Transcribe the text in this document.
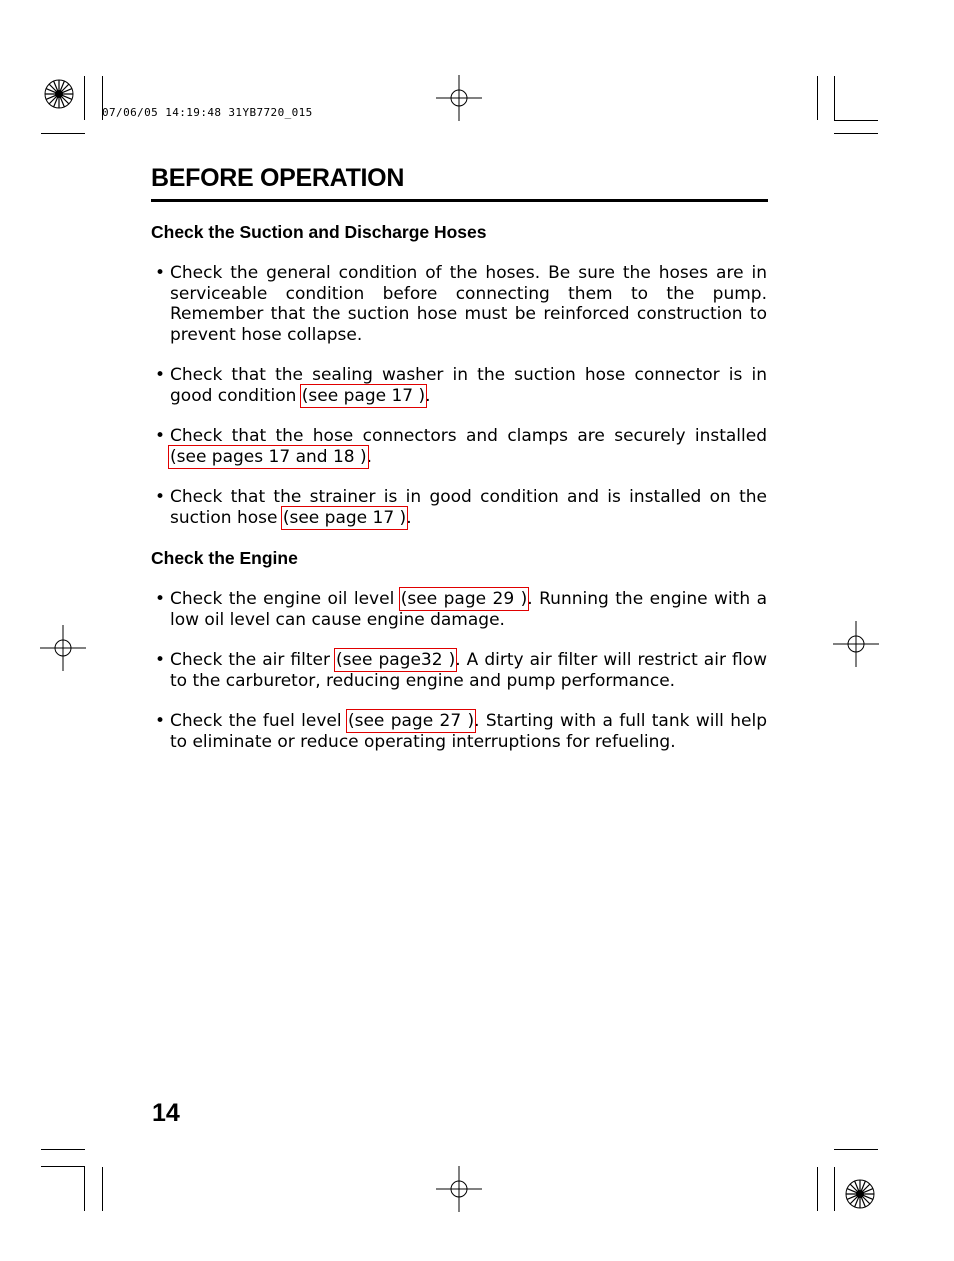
07/06/05 14:19:48 31YB7720_015
BEFORE OPERATION
Check the Suction and Discharge Hoses
• Check the general condition of the hoses. Be sure the hoses are in serviceable condition before connecting them to the pump. Remember that the suction hose must be reinforced construction to prevent hose collapse.
• Check that the sealing washer in the suction hose connector is in good condition (see page 17 ).
• Check that the hose connectors and clamps are securely installed (see pages 17 and 18 ).
• Check that the strainer is in good condition and is installed on the suction hose (see page 17 ).
Check the Engine
• Check the engine oil level (see page 29 ). Running the engine with a low oil level can cause engine damage.
• Check the air filter (see page32 ). A dirty air filter will restrict air flow to the carburetor, reducing engine and pump performance.
• Check the fuel level (see page 27 ). Starting with a full tank will help to eliminate or reduce operating interruptions for refueling.
14
